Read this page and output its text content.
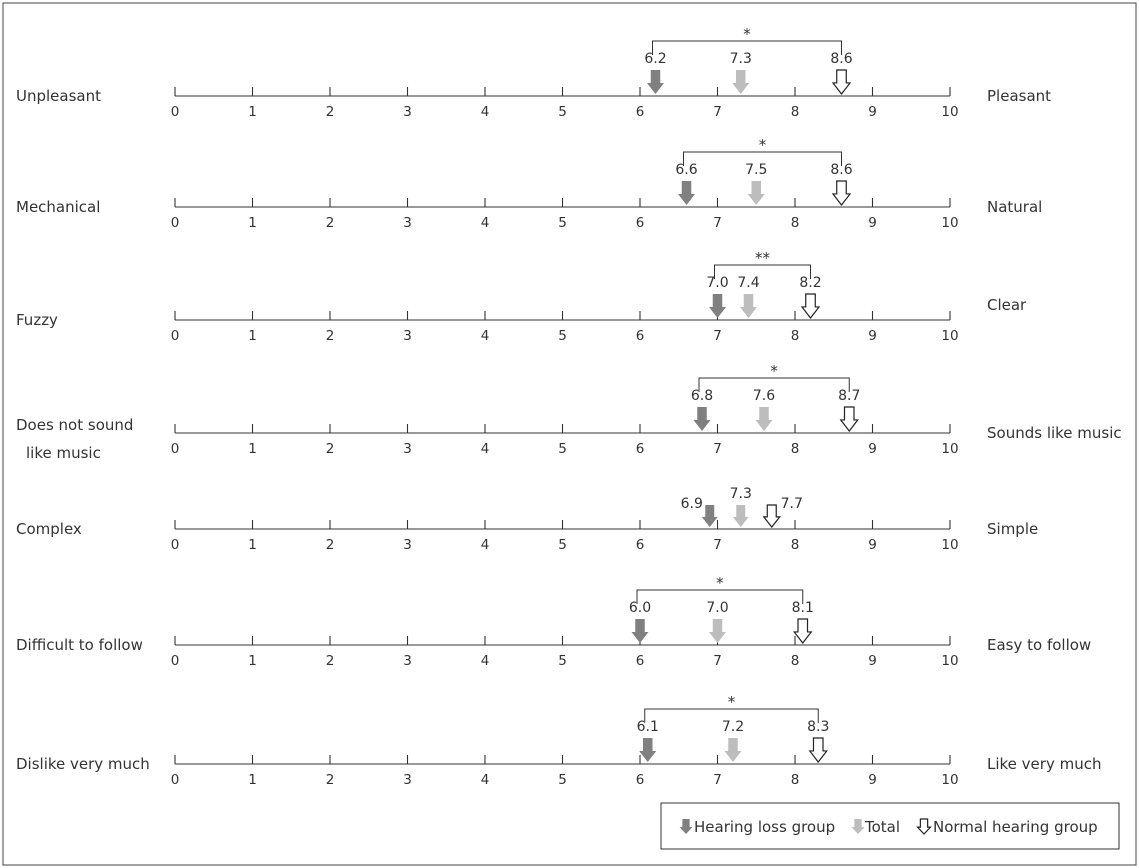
Unpleasant	Pleasant
0	1	2	3	4	5	6	7	8	9	10
6.2	7.3	8.6
*
Mechanical	Natural
0	1	2	3	4	5	6	7	8	9	10
6.6	7.5	8.6
*
Fuzzy
Clear
0	1	2	3	4	5	6	7	8	9	10
7.0 7.4	8.2
**
Does not sound
like music
Sounds like music
0	1	2	3	4	5	6	7	8	9	10
6.8	7.6	8.7
*
Complex	Simple
0	1	2	3	4	5	6	7	8	9	10
6.9
7.3
7.7
Difficult to follow	Easy to follow
0	1	2	3	4	5	6	7	8	9	10
6.0	7.0	8.1
*
Dislike very much	Like very much
0	1	2	3	4	5	6	7	8	9	10
6.1	7.2	8.3
*
Hearing loss group Total Normal hearing group
